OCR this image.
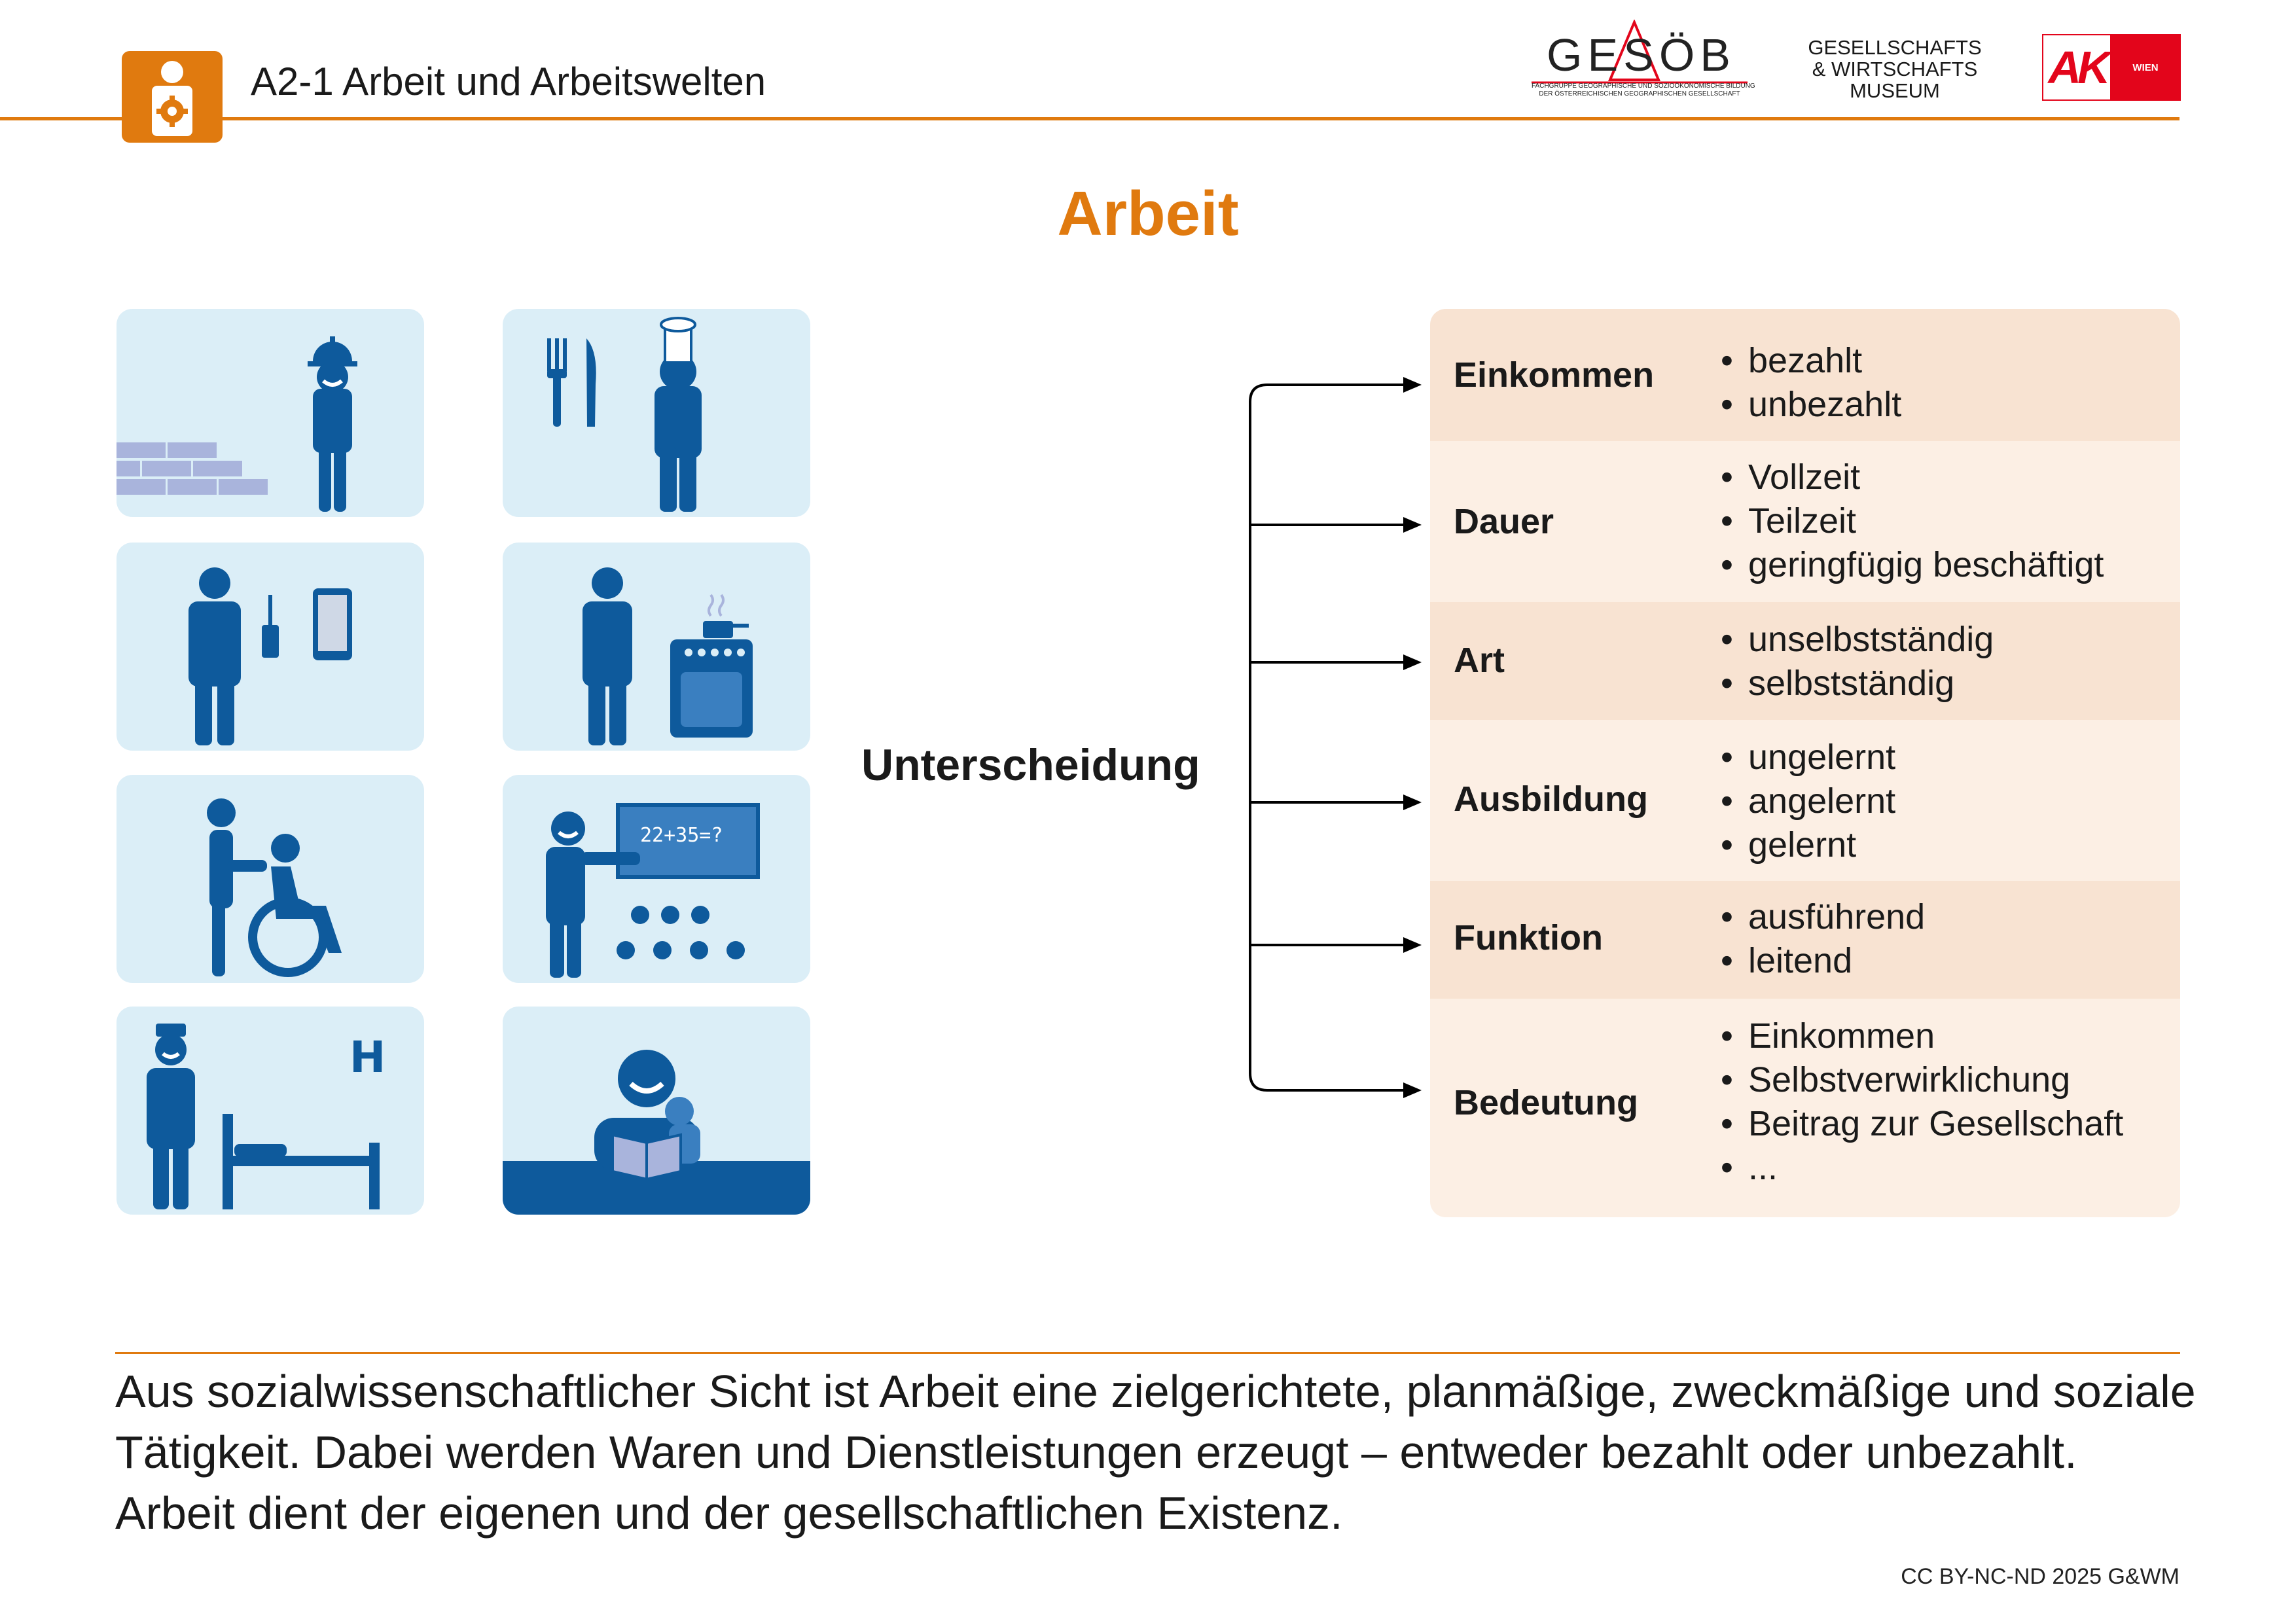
A2-1 Arbeit und Arbeitswelten
GESÖB
FACHGRUPPE GEOGRAPHISCHE UND SOZIOÖKONOMISCHE BILDUNG
DER ÖSTERREICHISCHEN GEOGRAPHISCHEN GESELLSCHAFT
GESELLSCHAFTS
& WIRTSCHAFTS
MUSEUM	AK	WIEN
Arbeit
22+35=?
H
Unterscheidung
Einkommen
•	bezahlt
• unbezahlt
Dauer
• Vollzeit
• Teilzeit
• geringfügig beschäftigt
Art
• unselbstständig
• selbstständig
Ausbildung
• ungelernt
• angelernt
• gelernt
Funktion
• ausführend
• leitend
Bedeutung
• Einkommen
• Selbstverwirklichung
• Beitrag zur Gesellschaft
• ...
Aus sozialwissenschaftlicher Sicht ist Arbeit eine zielgerichtete, planmäßige, zweckmäßige und soziale Tätigkeit. Dabei werden Waren und Dienstleistungen erzeugt – entweder bezahlt oder unbezahlt. Arbeit dient der eigenen und der gesellschaftlichen Existenz.
CC BY-NC-ND 2025 G&WM
